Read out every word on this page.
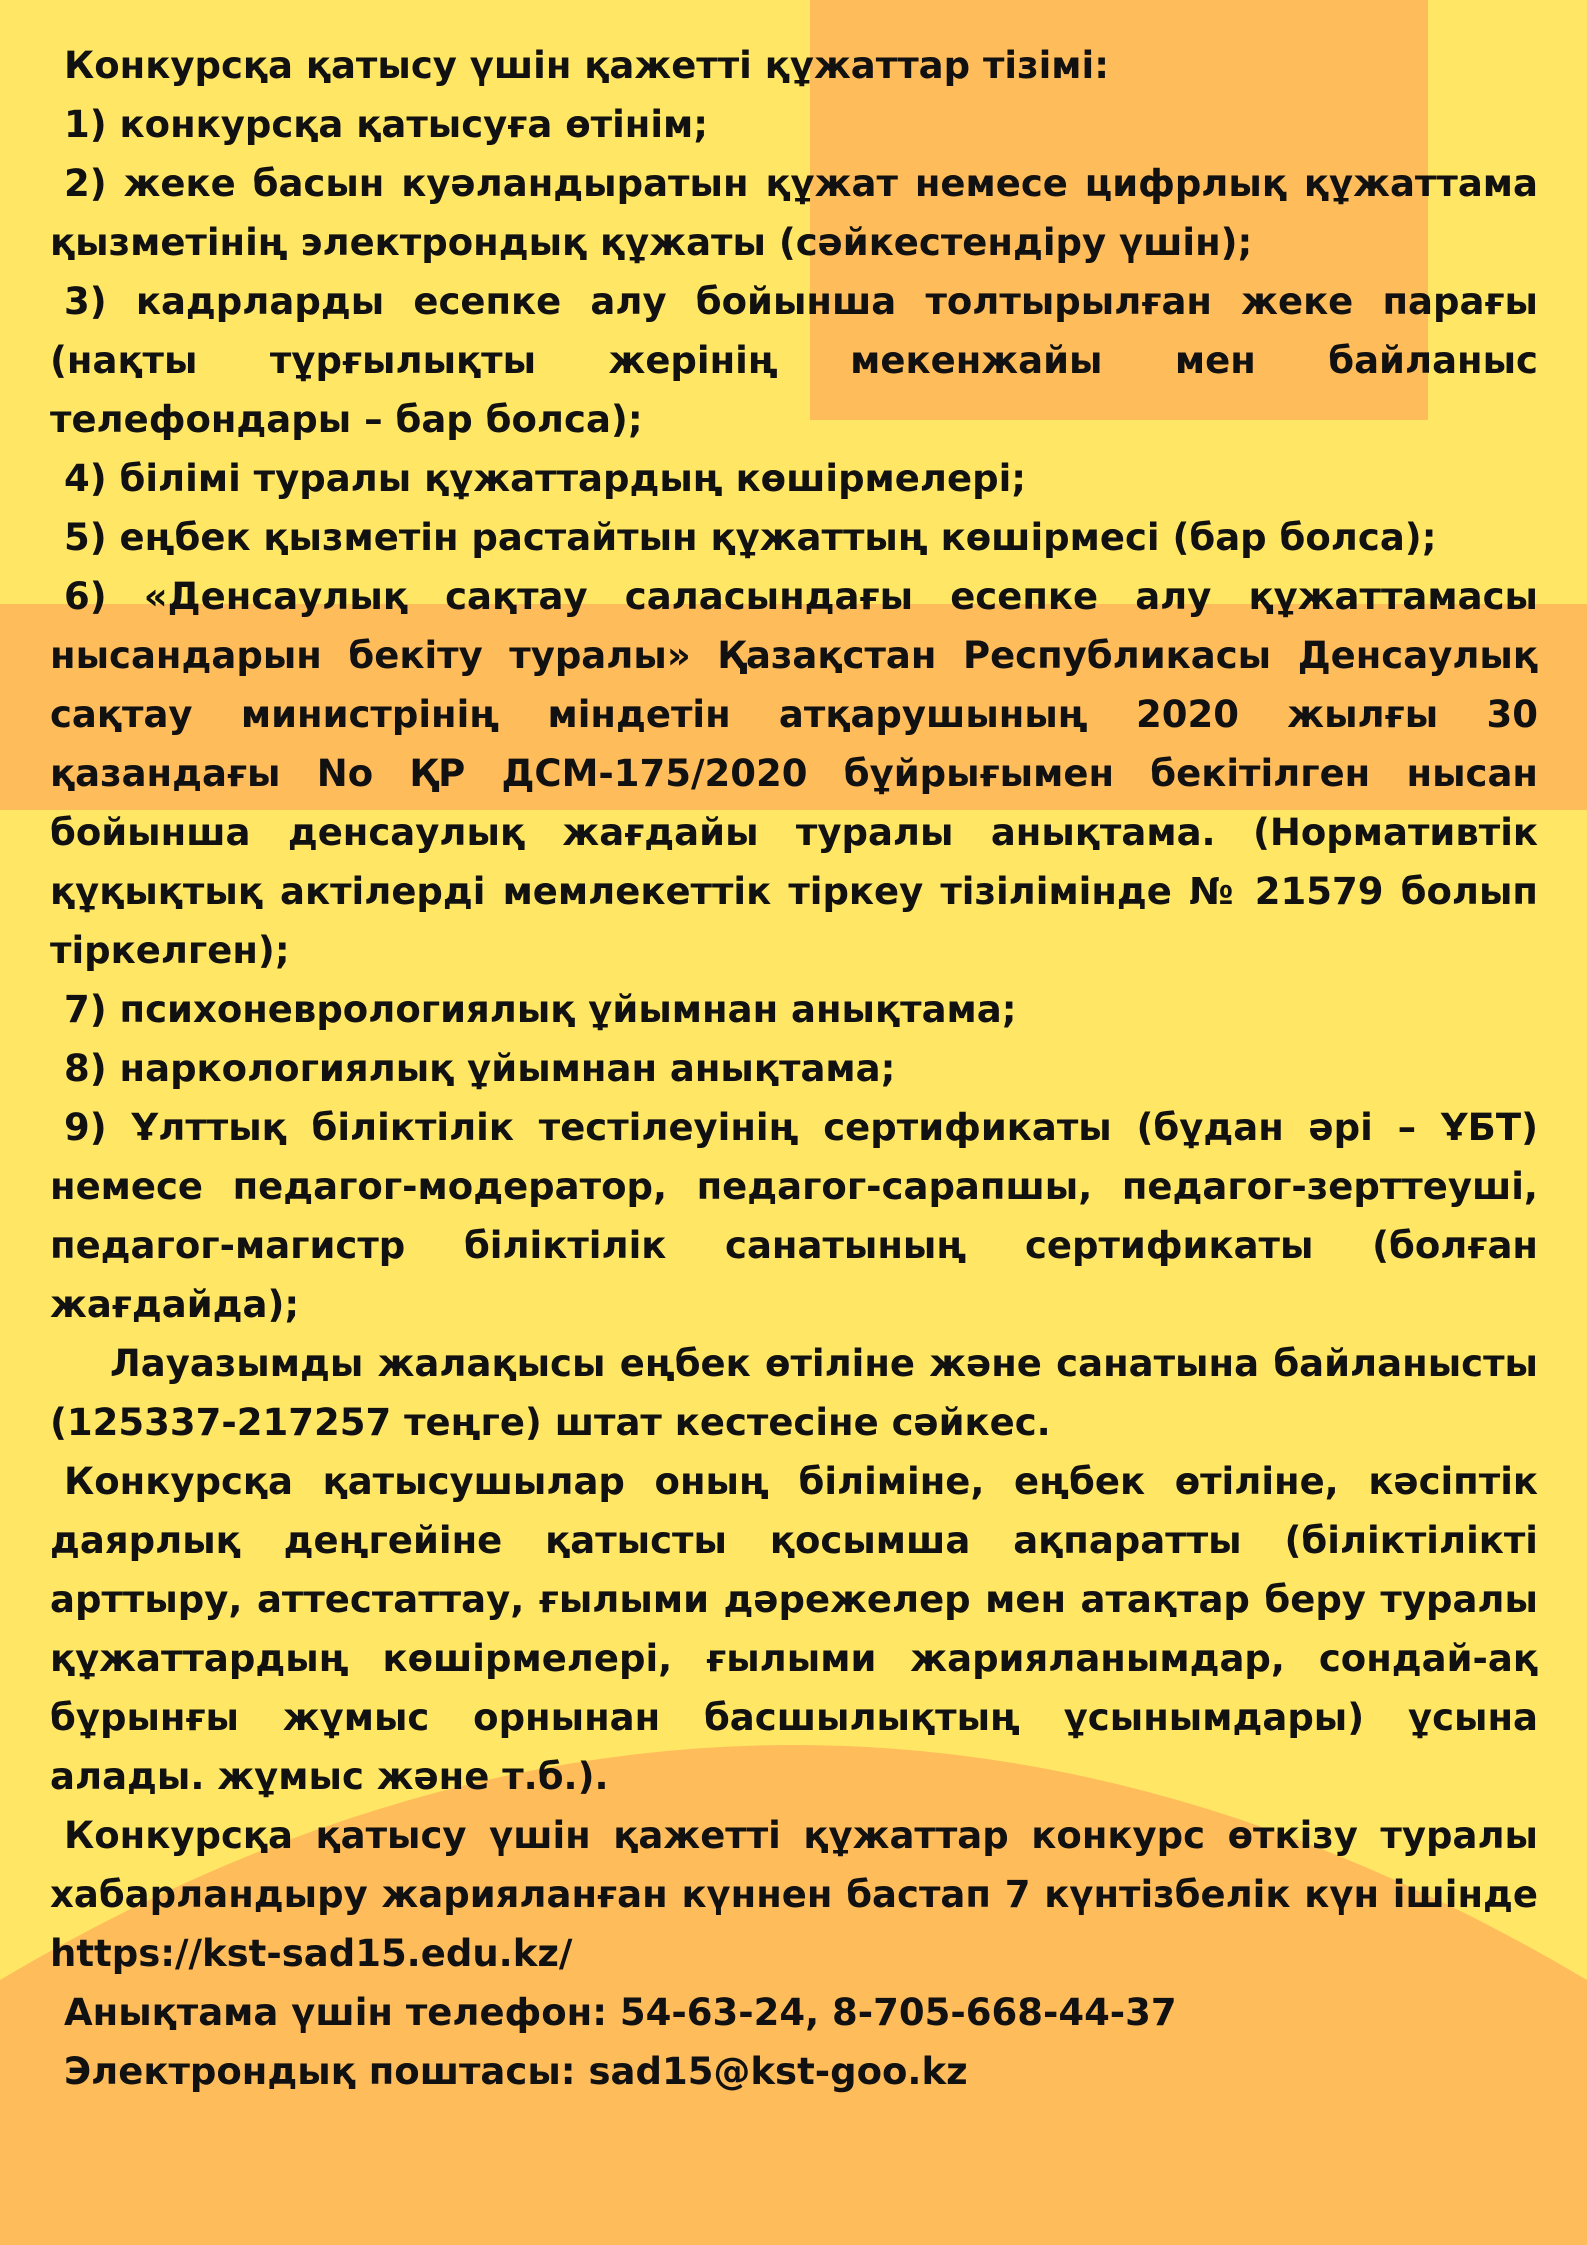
Конкурсқа қатысу үшін қажетті құжаттар тізімі:

1) конкурсқа қатысуға өтінім;

2) жеке басын куәландыратын құжат немесе цифрлық құжаттама қызметінің электрондық құжаты (сәйкестендіру үшін);

3) кадрларды есепке алу бойынша толтырылған жеке парағы (нақты тұрғылықты жерінің мекенжайы мен байланыс телефондары – бар болса);

4) білімі туралы құжаттардың көшірмелері;

5) еңбек қызметін растайтын құжаттың көшірмесі (бар болса);

6) «Денсаулық сақтау саласындағы есепке алу құжаттамасы нысандарын бекіту туралы» Қазақстан Республикасы Денсаулық сақтау министрінің міндетін атқарушының 2020 жылғы 30 қазандағы No ҚР ДСМ-175/2020 бұйрығымен бекітілген нысан бойынша денсаулық жағдайы туралы анықтама. (Нормативтік құқықтық актілерді мемлекеттік тіркеу тізілімінде № 21579 болып тіркелген);

7) психоневрологиялық ұйымнан анықтама;

8) наркологиялық ұйымнан анықтама;

9) Ұлттық біліктілік тестілеуінің сертификаты (бұдан әрі – ҰБТ) немесе педагог-модератор, педагог-сарапшы, педагог-зерттеуші, педагог-магистр біліктілік санатының сертификаты (болған жағдайда);

Лауазымды жалақысы еңбек өтіліне және санатына байланысты (125337-217257 теңге) штат кестесіне сәйкес.

Конкурсқа қатысушылар оның біліміне, еңбек өтіліне, кәсіптік даярлық деңгейіне қатысты қосымша ақпаратты (біліктілікті арттыру, аттестаттау, ғылыми дәрежелер мен атақтар беру туралы құжаттардың көшірмелері, ғылыми жарияланымдар, сондай-ақ бұрынғы жұмыс орнынан басшылықтың ұсынымдары) ұсына алады. жұмыс және т.б.).

Конкурсқа қатысу үшін қажетті құжаттар конкурс өткізу туралы хабарландыру жарияланған күннен бастап 7 күнтізбелік күн ішінде https://kst-sad15.edu.kz/

Анықтама үшін телефон: 54-63-24, 8-705-668-44-37

Электрондық поштасы: sad15@kst-goo.kz
